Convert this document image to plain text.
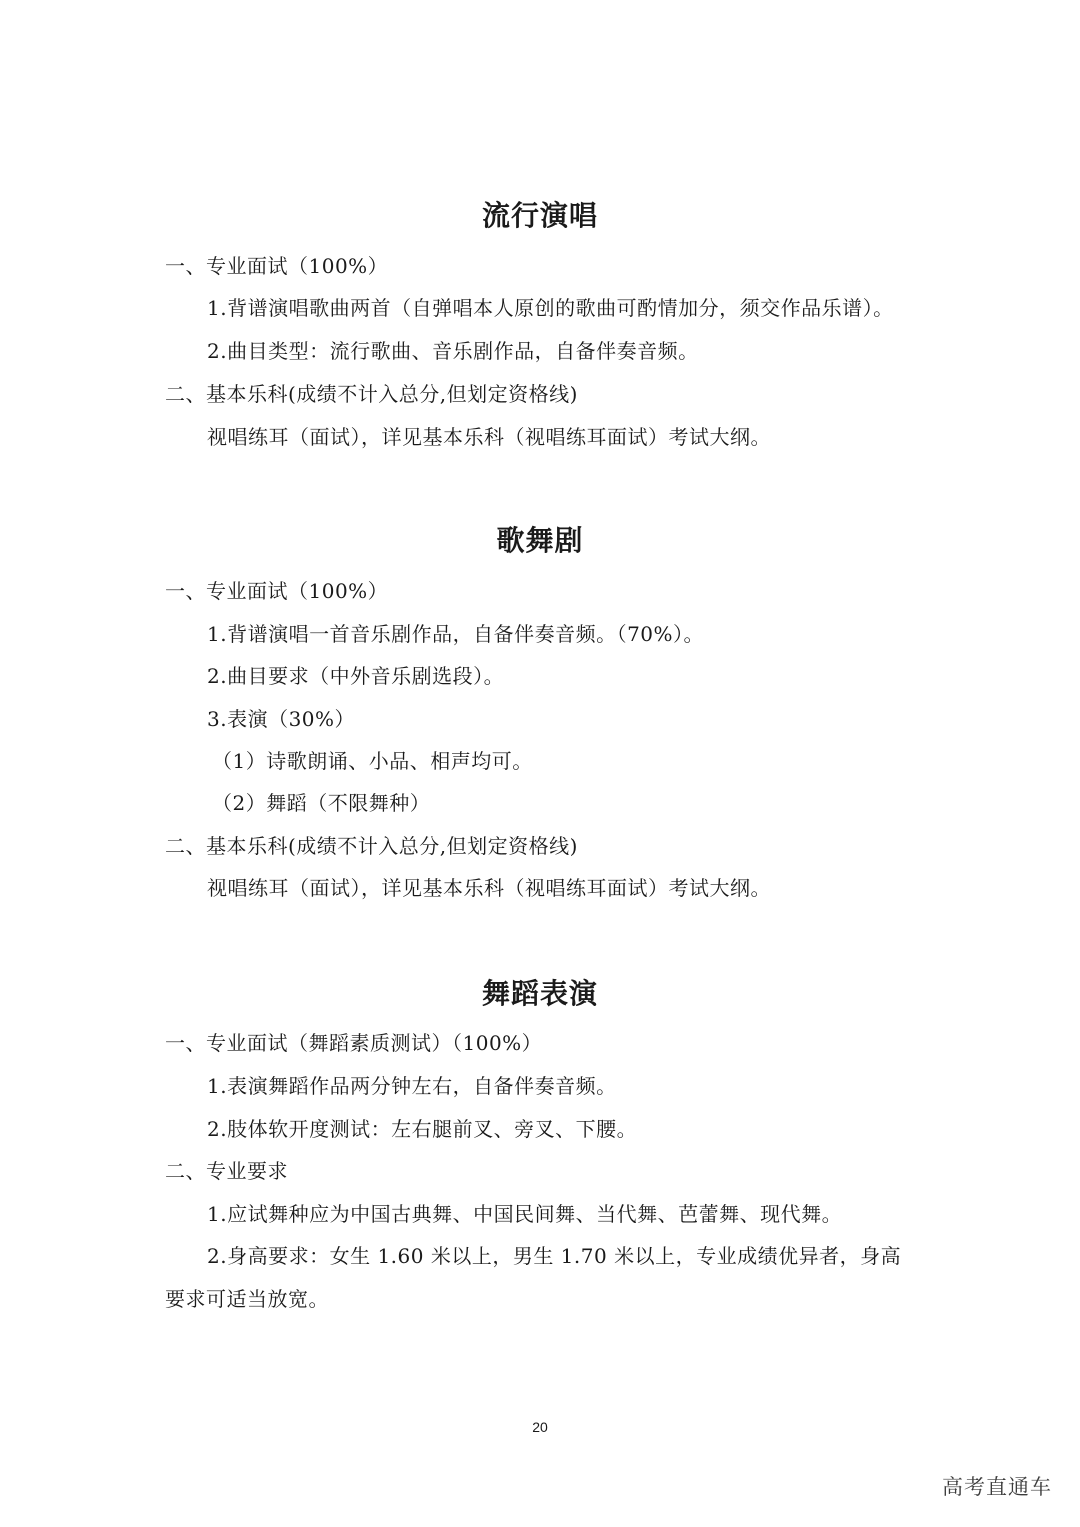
流行演唱
一、专业面试（100%）
1.背谱演唱歌曲两首（自弹唱本人原创的歌曲可酌情加分，须交作品乐谱）。
2.曲目类型：流行歌曲、音乐剧作品，自备伴奏音频。
二、基本乐科(成绩不计入总分,但划定资格线)
视唱练耳（面试），详见基本乐科（视唱练耳面试）考试大纲。
歌舞剧
一、专业面试（100%）
1.背谱演唱一首音乐剧作品，自备伴奏音频。（70%）。
2.曲目要求（中外音乐剧选段）。
3.表演（30%）
（1）诗歌朗诵、小品、相声均可。
（2）舞蹈（不限舞种）
二、基本乐科(成绩不计入总分,但划定资格线)
视唱练耳（面试），详见基本乐科（视唱练耳面试）考试大纲。
舞蹈表演
一、专业面试（舞蹈素质测试）（100%）
1.表演舞蹈作品两分钟左右，自备伴奏音频。
2.肢体软开度测试：左右腿前叉、旁叉、下腰。
二、专业要求
1.应试舞种应为中国古典舞、中国民间舞、当代舞、芭蕾舞、现代舞。
2.身高要求：女生 1.60 米以上，男生 1.70 米以上，专业成绩优异者，身高
要求可适当放宽。
20
高考直通车
